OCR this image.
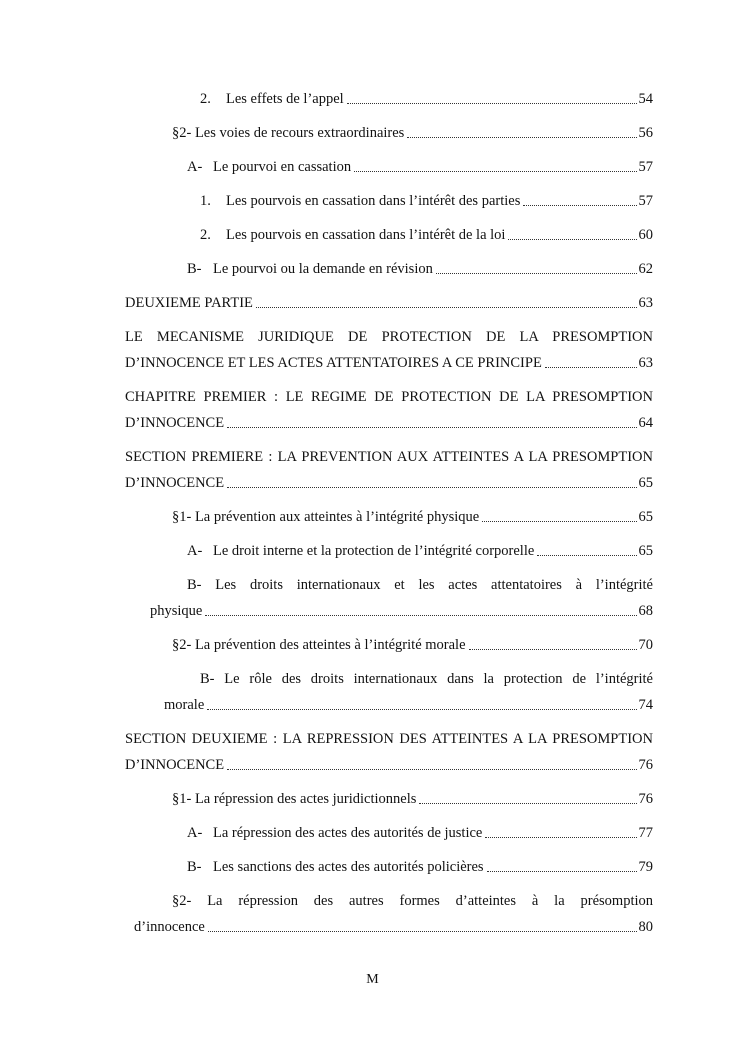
2.	Les effets de l’appel	54
§2- Les voies de recours extraordinaires	56
A- Le pourvoi en cassation	57
1.	Les pourvois en cassation dans l’intérêt des parties	57
2.	Les pourvois en cassation dans l’intérêt de la loi	60
B- Le pourvoi ou la demande en révision	62
DEUXIEME PARTIE	63
LE MECANISME JURIDIQUE DE PROTECTION DE LA PRESOMPTION
D’INNOCENCE ET LES ACTES ATTENTATOIRES A CE PRINCIPE	63
CHAPITRE PREMIER : LE REGIME DE PROTECTION DE LA PRESOMPTION
D’INNOCENCE	64
SECTION PREMIERE : LA PREVENTION AUX ATTEINTES A LA PRESOMPTION
D’INNOCENCE	65
§1- La prévention aux atteintes à l’intégrité physique	65
A- Le droit interne et la protection de l’intégrité corporelle	65
B- Les droits internationaux et les actes attentatoires à l’intégrité
physique	68
§2- La prévention des atteintes à l’intégrité morale	70
B- Le rôle des droits internationaux dans la protection de l’intégrité
morale	74
SECTION DEUXIEME : LA REPRESSION DES ATTEINTES A LA PRESOMPTION
D’INNOCENCE	76
§1- La répression des actes juridictionnels	76
A- La répression des actes des autorités de justice	77
B- Les sanctions des actes des autorités policières	79
§2- La répression des autres formes d’atteintes à la présomption
d’innocence	80
M
